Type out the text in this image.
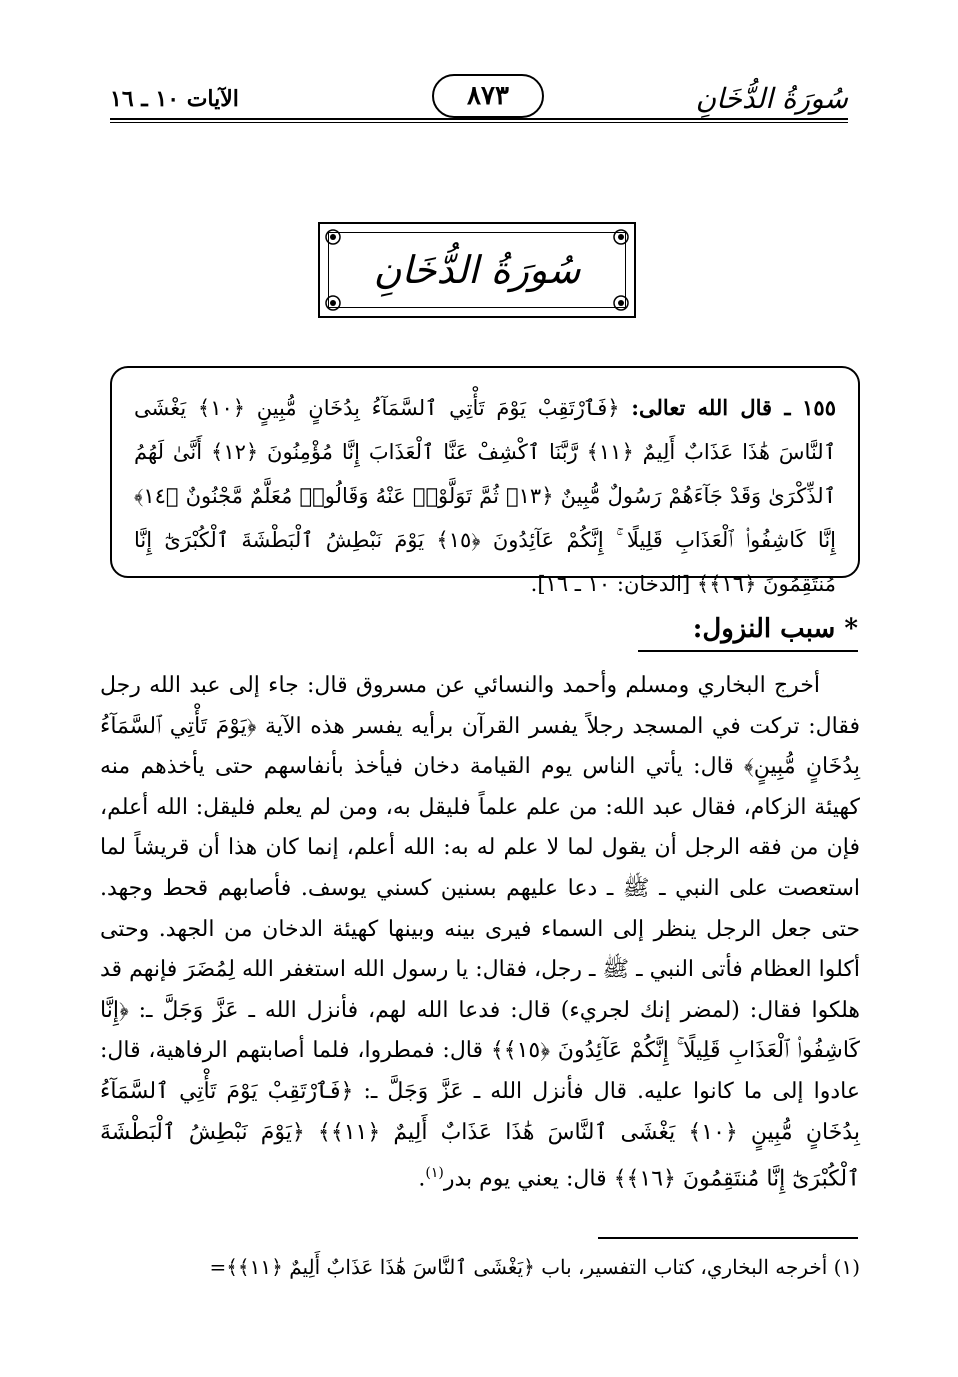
سُورَةُ الدُّخَانِ
٨٧٣
الآيات ١٠ ـ ١٦
سُورَةُ الدُّخَانِ
١٥٥ ـ قال الله تعالى: ﴿فَٱرْتَقِبْ يَوْمَ تَأْتِي ٱلسَّمَآءُ بِدُخَانٍ مُّبِينٍ ﴿١٠﴾ يَغْشَى ٱلنَّاسَ هَٰذَا عَذَابٌ أَلِيمٌ ﴿١١﴾ رَّبَّنَا ٱكْشِفْ عَنَّا ٱلْعَذَابَ إِنَّا مُؤْمِنُونَ ﴿١٢﴾ أَنَّىٰ لَهُمُ ٱلذِّكْرَىٰ وَقَدْ جَآءَهُمْ رَسُولٌ مُّبِينٌ ﴿١٣﴾ ثُمَّ تَوَلَّوْا۟ عَنْهُ وَقَالُوا۟ مُعَلَّمٌ مَّجْنُونٌ ﴿١٤﴾ إِنَّا كَاشِفُوا۟ ٱلْعَذَابِ قَلِيلًا ۚ إِنَّكُمْ عَآئِدُونَ ﴿١٥﴾ يَوْمَ نَبْطِشُ ٱلْبَطْشَةَ ٱلْكُبْرَىٰٓ إِنَّا مُنتَقِمُونَ ﴿١٦﴾﴾ [الدخان: ١٠ ـ ١٦].
* سبب النزول:

أخرج البخاري ومسلم وأحمد والنسائي عن مسروق قال: جاء إلى عبد الله رجل فقال: تركت في المسجد رجلاً يفسر القرآن برأيه يفسر هذه الآية ﴿يَوْمَ تَأْتِي ٱلسَّمَآءُ بِدُخَانٍ مُّبِينٍ﴾ قال: يأتي الناس يوم القيامة دخان فيأخذ بأنفاسهم حتى يأخذهم منه كهيئة الزكام، فقال عبد الله: من علم علماً فليقل به، ومن لم يعلم فليقل: الله أعلم، فإن من فقه الرجل أن يقول لما لا علم له به: الله أعلم، إنما كان هذا أن قريشاً لما استعصت على النبي ـ ﷺ ـ دعا عليهم بسنين كسني يوسف. فأصابهم قحط وجهد. حتى جعل الرجل ينظر إلى السماء فيرى بينه وبينها كهيئة الدخان من الجهد. وحتى أكلوا العظام فأتى النبي ـ ﷺ ـ رجل، فقال: يا رسول الله استغفر الله لِمُضَرَ فإنهم قد هلكوا فقال: (لمضر إنك لجريء) قال: فدعا الله لهم، فأنزل الله ـ عَزَّ وَجَلَّ ـ: ﴿إِنَّا كَاشِفُوا۟ ٱلْعَذَابِ قَلِيلًا ۚ إِنَّكُمْ عَآئِدُونَ ﴿١٥﴾﴾ قال: فمطروا، فلما أصابتهم الرفاهية، قال: عادوا إلى ما كانوا عليه. قال فأنزل الله ـ عَزَّ وَجَلَّ ـ: ﴿فَٱرْتَقِبْ يَوْمَ تَأْتِي ٱلسَّمَآءُ بِدُخَانٍ مُّبِينٍ ﴿١٠﴾ يَغْشَى ٱلنَّاسَ هَٰذَا عَذَابٌ أَلِيمٌ ﴿١١﴾﴾ ﴿يَوْمَ نَبْطِشُ ٱلْبَطْشَةَ ٱلْكُبْرَىٰٓ إِنَّا مُنتَقِمُونَ ﴿١٦﴾﴾ قال: يعني يوم بدر$^{(١)}$.

(١) أخرجه البخاري، كتاب التفسير، باب ﴿يَغْشَى ٱلنَّاسَ هَٰذَا عَذَابٌ أَلِيمٌ ﴿١١﴾﴾=
